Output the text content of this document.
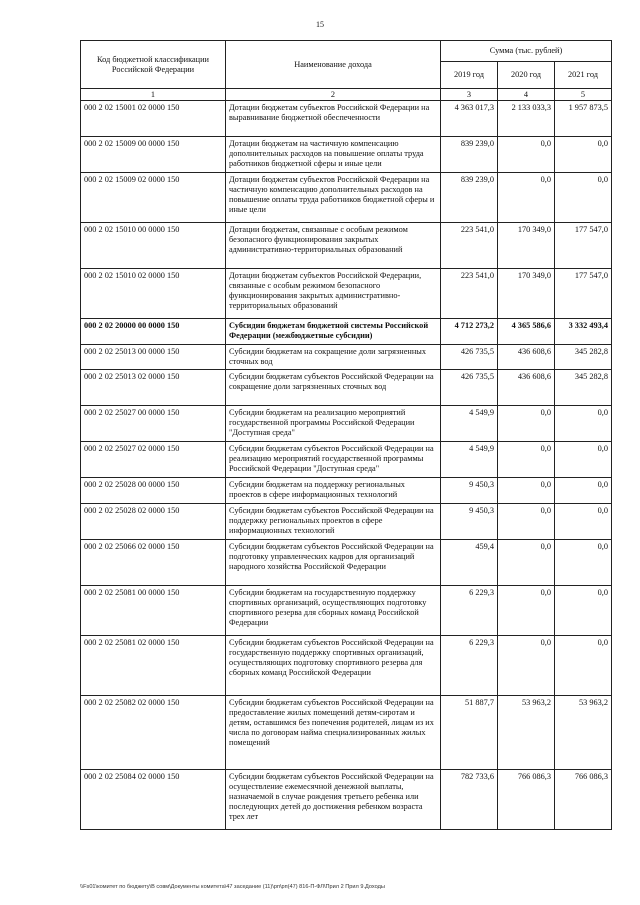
15
Код бюджетной классификации Российской Федерации	Наименование дохода	Сумма (тыс. рублей)		
		2019 год	2020 год	2021 год
1	2	3	4	5
000 2 02 15001 02 0000 150	Дотации бюджетам субъектов Российской Федерации на выравнивание бюджетной обеспеченности	4 363 017,3	2 133 033,3	1 957 873,5
000 2 02 15009 00 0000 150	Дотации бюджетам на частичную компенсацию дополнительных расходов на повышение оплаты труда работников бюджетной сферы и иные цели	839 239,0	0,0	0,0
000 2 02 15009 02 0000 150	Дотации бюджетам субъектов Российской Федерации на частичную компенсацию дополнительных расходов на повышение оплаты труда работников бюджетной сферы и иные цели	839 239,0	0,0	0,0
000 2 02 15010 00 0000 150	Дотации бюджетам, связанные с особым режимом безопасного функционирования закрытых административно-территориальных образований	223 541,0	170 349,0	177 547,0
000 2 02 15010 02 0000 150	Дотации бюджетам субъектов Российской Федерации, связанные с особым режимом безопасного функционирования закрытых административно-территориальных образований	223 541,0	170 349,0	177 547,0
000 2 02 20000 00 0000 150	Субсидии бюджетам бюджетной системы Российской Федерации (межбюджетные субсидии)	4 712 273,2	4 365 586,6	3 332 493,4
000 2 02 25013 00 0000 150	Субсидии бюджетам на сокращение доли загрязненных сточных вод	426 735,5	436 608,6	345 282,8
000 2 02 25013 02 0000 150	Субсидии бюджетам субъектов Российской Федерации на сокращение доли загрязненных сточных вод	426 735,5	436 608,6	345 282,8
000 2 02 25027 00 0000 150	Субсидии бюджетам на реализацию мероприятий государственной программы Российской Федерации "Доступная среда"	4 549,9	0,0	0,0
000 2 02 25027 02 0000 150	Субсидии бюджетам субъектов Российской Федерации на реализацию мероприятий государственной программы Российской Федерации "Доступная среда"	4 549,9	0,0	0,0
000 2 02 25028 00 0000 150	Субсидии бюджетам на поддержку региональных проектов в сфере информационных технологий	9 450,3	0,0	0,0
000 2 02 25028 02 0000 150	Субсидии бюджетам субъектов Российской Федерации на поддержку региональных проектов в сфере информационных технологий	9 450,3	0,0	0,0
000 2 02 25066 02 0000 150	Субсидии бюджетам субъектов Российской Федерации на подготовку управленческих кадров для организаций народного хозяйства Российской Федерации	459,4	0,0	0,0
000 2 02 25081 00 0000 150	Субсидии бюджетам на государственную поддержку спортивных организаций, осуществляющих подготовку спортивного резерва для сборных команд Российской Федерации	6 229,3	0,0	0,0
000 2 02 25081 02 0000 150	Субсидии бюджетам субъектов Российской Федерации на государственную поддержку спортивных организаций, осуществляющих подготовку спортивного резерва для сборных команд Российской Федерации	6 229,3	0,0	0,0
000 2 02 25082 02 0000 150	Субсидии бюджетам субъектов Российской Федерации на предоставление жилых помещений детям-сиротам и детям, оставшимся без попечения родителей, лицам из их числа по договорам найма специализированных жилых помещений	51 887,7	53 963,2	53 963,2
000 2 02 25084 02 0000 150	Субсидии бюджетам субъектов Российской Федерации на осуществление ежемесячной денежной выплаты, назначаемой в случае рождения третьего ребенка или последующих детей до достижения ребенком возраста трех лет	782 733,6	766 086,3	766 086,3
\\Fs01\комитет по бюджету\В совм\Документы комитета\47 заседание (11)\рп\рп(47) 816-П-ФЛ\Прил 2 Прил 9.Доходы
